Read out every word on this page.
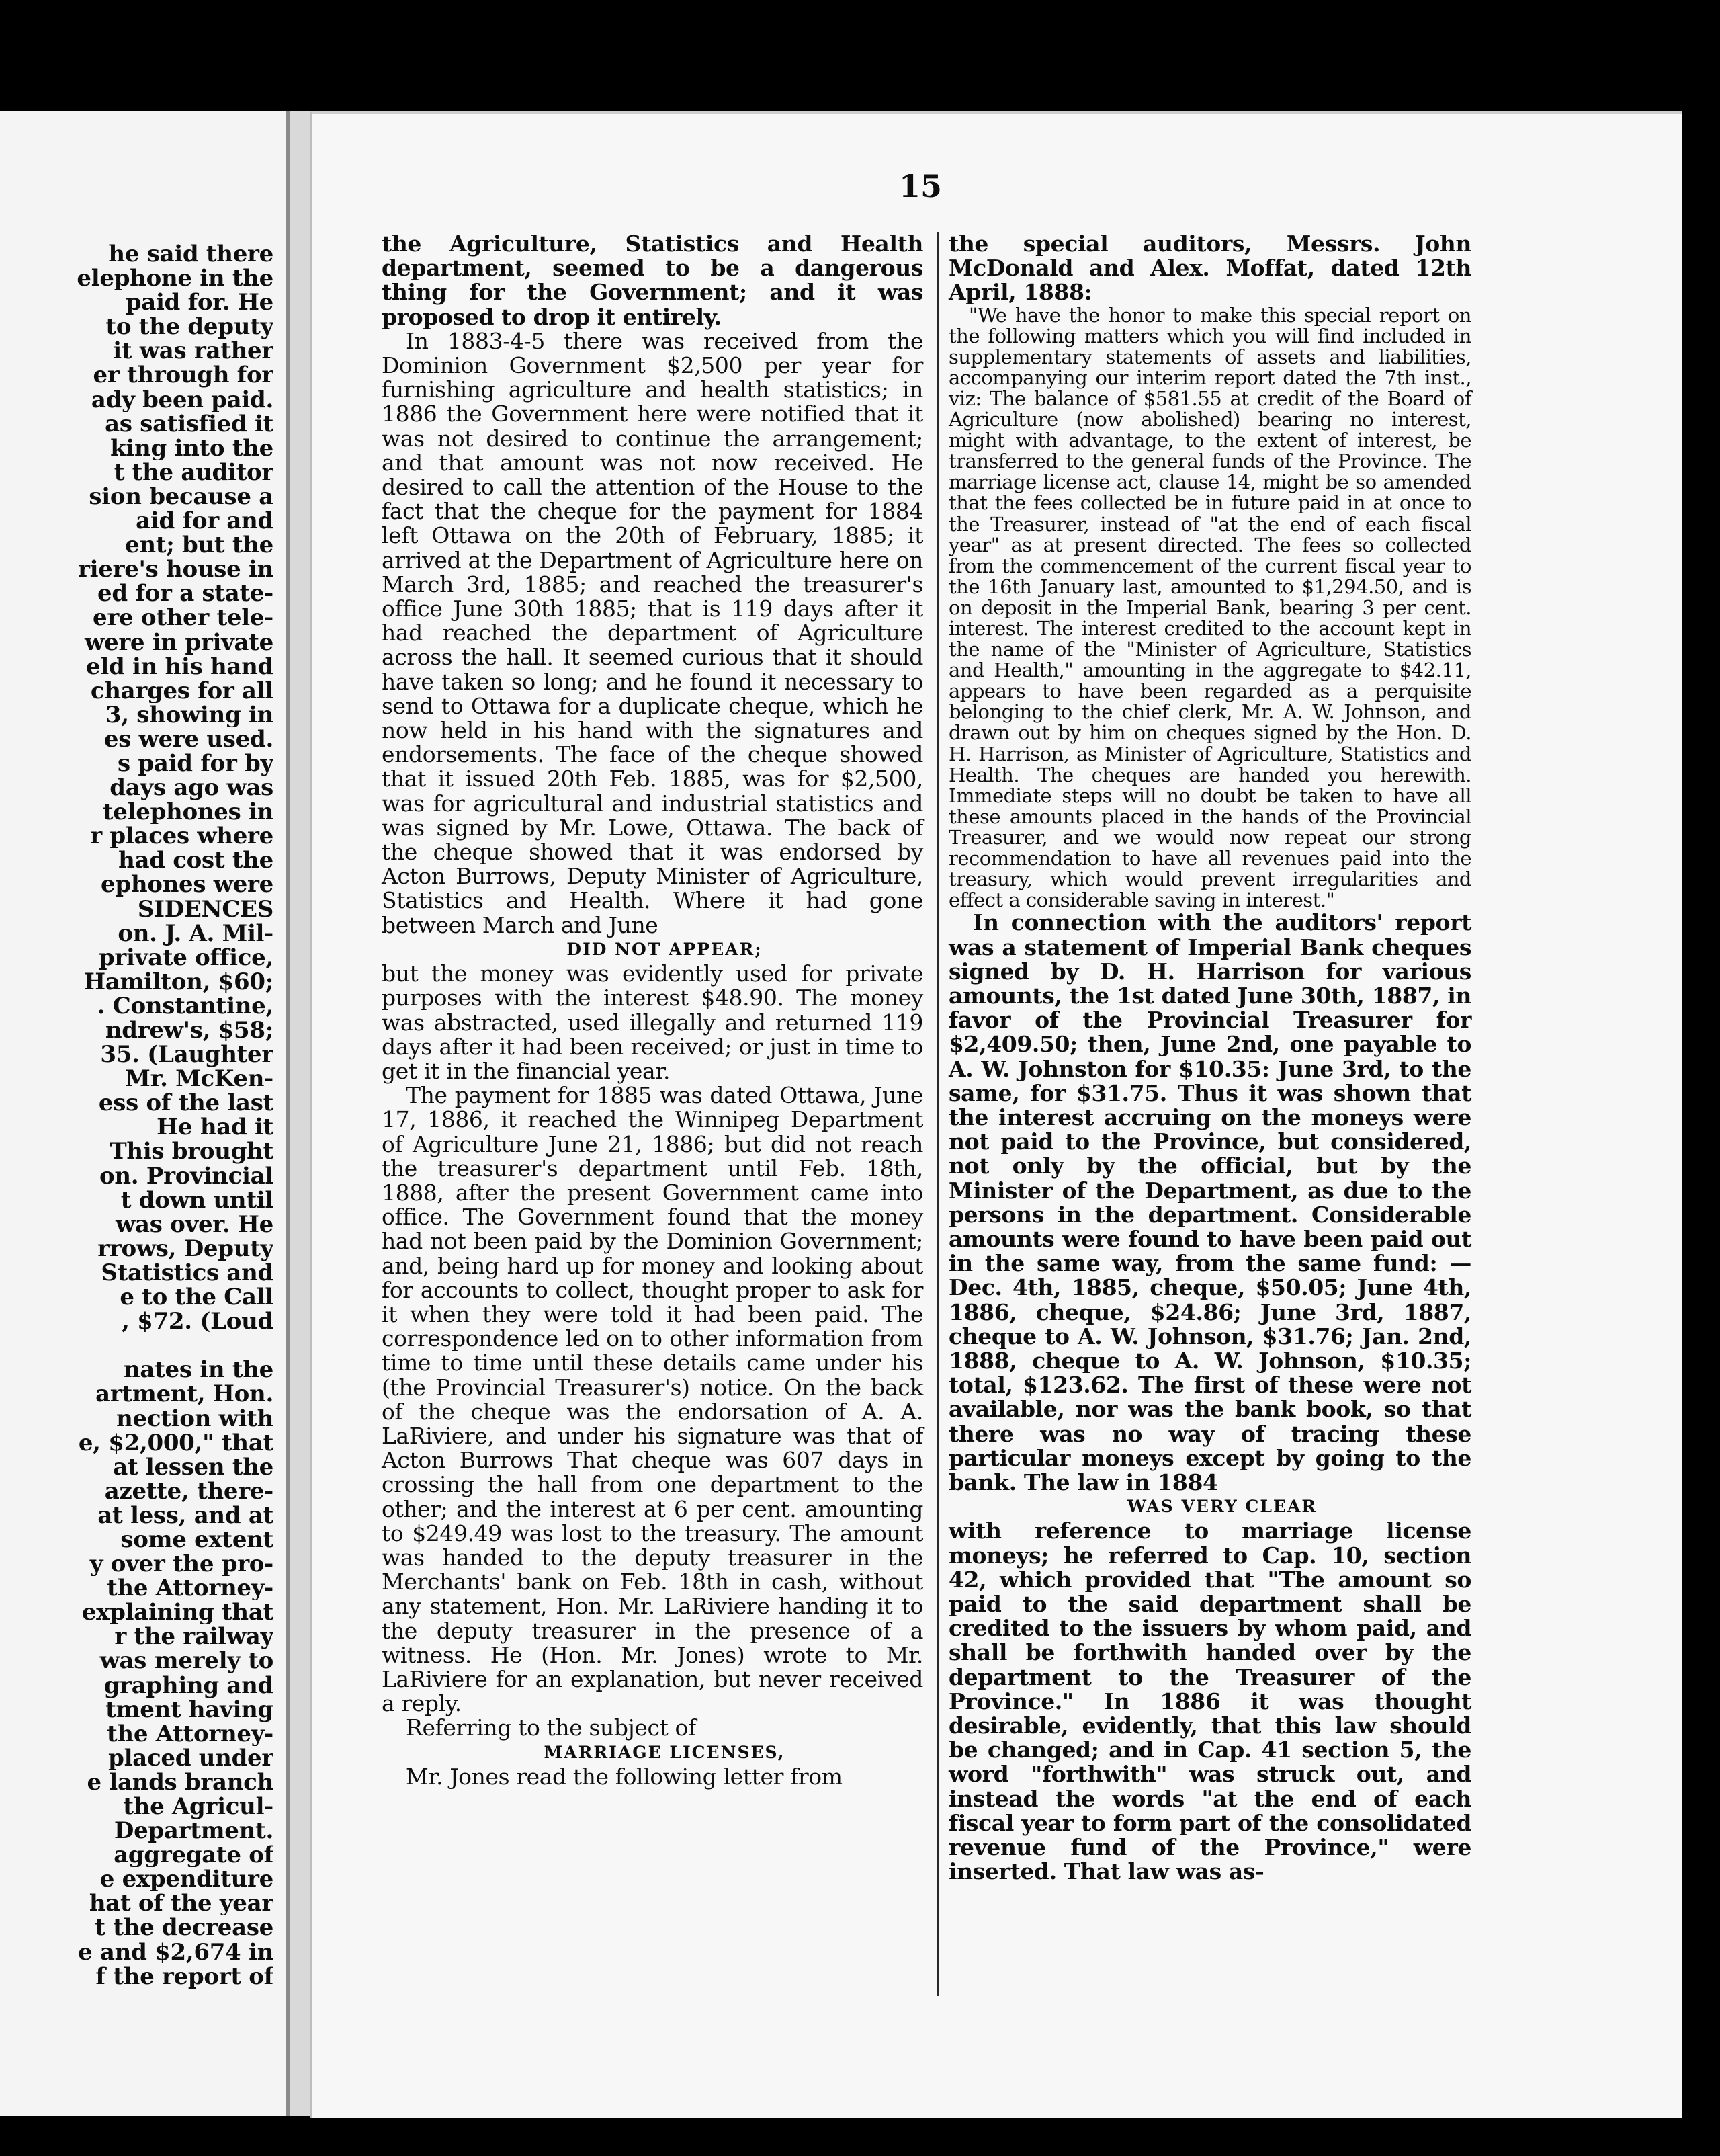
he said there
elephone in the
paid for. He
to the deputy
it was rather
er through for
ady been paid.
as satisfied it
king into the
t the auditor
sion because a
aid for and
ent; but the
riere's house in
ed for a state-
ere other tele-
were in private
eld in his hand
charges for all
3, showing in
es were used.
s paid for by
days ago was
telephones in
r places where
had cost the
ephones were
SIDENCES
on. J. A. Mil-
private office,
Hamilton, $60;
. Constantine,
ndrew's, $58;
35. (Laughter
Mr. McKen-
ess of the last
He had it
This brought
on. Provincial
t down until
was over. He
rrows, Deputy
Statistics and
e to the Call
, $72. (Loud

nates in the
artment, Hon.
nection with
e, $2,000," that
at lessen the
azette, there-
at less, and at
some extent
y over the pro-
the Attorney-
explaining that
r the railway
was merely to
graphing and
tment having
the Attorney-
placed under
e lands branch
the Agricul-
Department.
aggregate of
e expenditure
hat of the year
t the decrease
e and $2,674 in
f the report of
15

the Agriculture, Statistics and Health department, seemed to be a dangerous thing for the Government; and it was proposed to drop it entirely.

In 1883-4-5 there was received from the Dominion Government $2,500 per year for furnishing agriculture and health statistics; in 1886 the Government here were notified that it was not desired to continue the arrangement; and that amount was not now received. He desired to call the attention of the House to the fact that the cheque for the payment for 1884 left Ottawa on the 20th of February, 1885; it arrived at the Department of Agriculture here on March 3rd, 1885; and reached the treasurer's office June 30th 1885; that is 119 days after it had reached the department of Agriculture across the hall. It seemed curious that it should have taken so long; and he found it necessary to send to Ottawa for a duplicate cheque, which he now held in his hand with the signatures and endorsements. The face of the cheque showed that it issued 20th Feb. 1885, was for $2,500, was for agricultural and industrial statistics and was signed by Mr. Lowe, Ottawa. The back of the cheque showed that it was endorsed by Acton Burrows, Deputy Minister of Agriculture, Statistics and Health. Where it had gone between March and June

DID NOT APPEAR;

but the money was evidently used for private purposes with the interest $48.90. The money was abstracted, used illegally and returned 119 days after it had been received; or just in time to get it in the financial year.

The payment for 1885 was dated Ottawa, June 17, 1886, it reached the Winnipeg Department of Agriculture June 21, 1886; but did not reach the treasurer's department until Feb. 18th, 1888, after the present Government came into office. The Government found that the money had not been paid by the Dominion Government; and, being hard up for money and looking about for accounts to collect, thought proper to ask for it when they were told it had been paid. The correspondence led on to other information from time to time until these details came under his (the Provincial Treasurer's) notice. On the back of the cheque was the endorsation of A. A. LaRiviere, and under his signature was that of Acton Burrows That cheque was 607 days in crossing the hall from one department to the other; and the interest at 6 per cent. amounting to $249.49 was lost to the treasury. The amount was handed to the deputy treasurer in the Merchants' bank on Feb. 18th in cash, without any statement, Hon. Mr. LaRiviere handing it to the deputy treasurer in the presence of a witness. He (Hon. Mr. Jones) wrote to Mr. LaRiviere for an explanation, but never received a reply.

Referring to the subject of

MARRIAGE LICENSES,

Mr. Jones read the following letter from

the special auditors, Messrs. John McDonald and Alex. Moffat, dated 12th April, 1888:

"We have the honor to make this special report on the following matters which you will find included in supplementary statements of assets and liabilities, accompanying our interim report dated the 7th inst., viz: The balance of $581.55 at credit of the Board of Agriculture (now abolished) bearing no interest, might with advantage, to the extent of interest, be transferred to the general funds of the Province. The marriage license act, clause 14, might be so amended that the fees collected be in future paid in at once to the Treasurer, instead of "at the end of each fiscal year" as at present directed. The fees so collected from the commencement of the current fiscal year to the 16th January last, amounted to $1,294.50, and is on deposit in the Imperial Bank, bearing 3 per cent. interest. The interest credited to the account kept in the name of the "Minister of Agriculture, Statistics and Health," amounting in the aggregate to $42.11, appears to have been regarded as a perquisite belonging to the chief clerk, Mr. A. W. Johnson, and drawn out by him on cheques signed by the Hon. D. H. Harrison, as Minister of Agriculture, Statistics and Health. The cheques are handed you herewith. Immediate steps will no doubt be taken to have all these amounts placed in the hands of the Provincial Treasurer, and we would now repeat our strong recommendation to have all revenues paid into the treasury, which would prevent irregularities and effect a considerable saving in interest."

In connection with the auditors' report was a statement of Imperial Bank cheques signed by D. H. Harrison for various amounts, the 1st dated June 30th, 1887, in favor of the Provincial Treasurer for $2,409.50; then, June 2nd, one payable to A. W. Johnston for $10.35: June 3rd, to the same, for $31.75. Thus it was shown that the interest accruing on the moneys were not paid to the Province, but considered, not only by the official, but by the Minister of the Department, as due to the persons in the department. Considerable amounts were found to have been paid out in the same way, from the same fund: —Dec. 4th, 1885, cheque, $50.05; June 4th, 1886, cheque, $24.86; June 3rd, 1887, cheque to A. W. Johnson, $31.76; Jan. 2nd, 1888, cheque to A. W. Johnson, $10.35; total, $123.62. The first of these were not available, nor was the bank book, so that there was no way of tracing these particular moneys except by going to the bank. The law in 1884

WAS VERY CLEAR

with reference to marriage license moneys; he referred to Cap. 10, section 42, which provided that "The amount so paid to the said department shall be credited to the issuers by whom paid, and shall be forthwith handed over by the department to the Treasurer of the Province." In 1886 it was thought desirable, evidently, that this law should be changed; and in Cap. 41 section 5, the word "forthwith" was struck out, and instead the words "at the end of each fiscal year to form part of the consolidated revenue fund of the Province," were inserted. That law was as-
